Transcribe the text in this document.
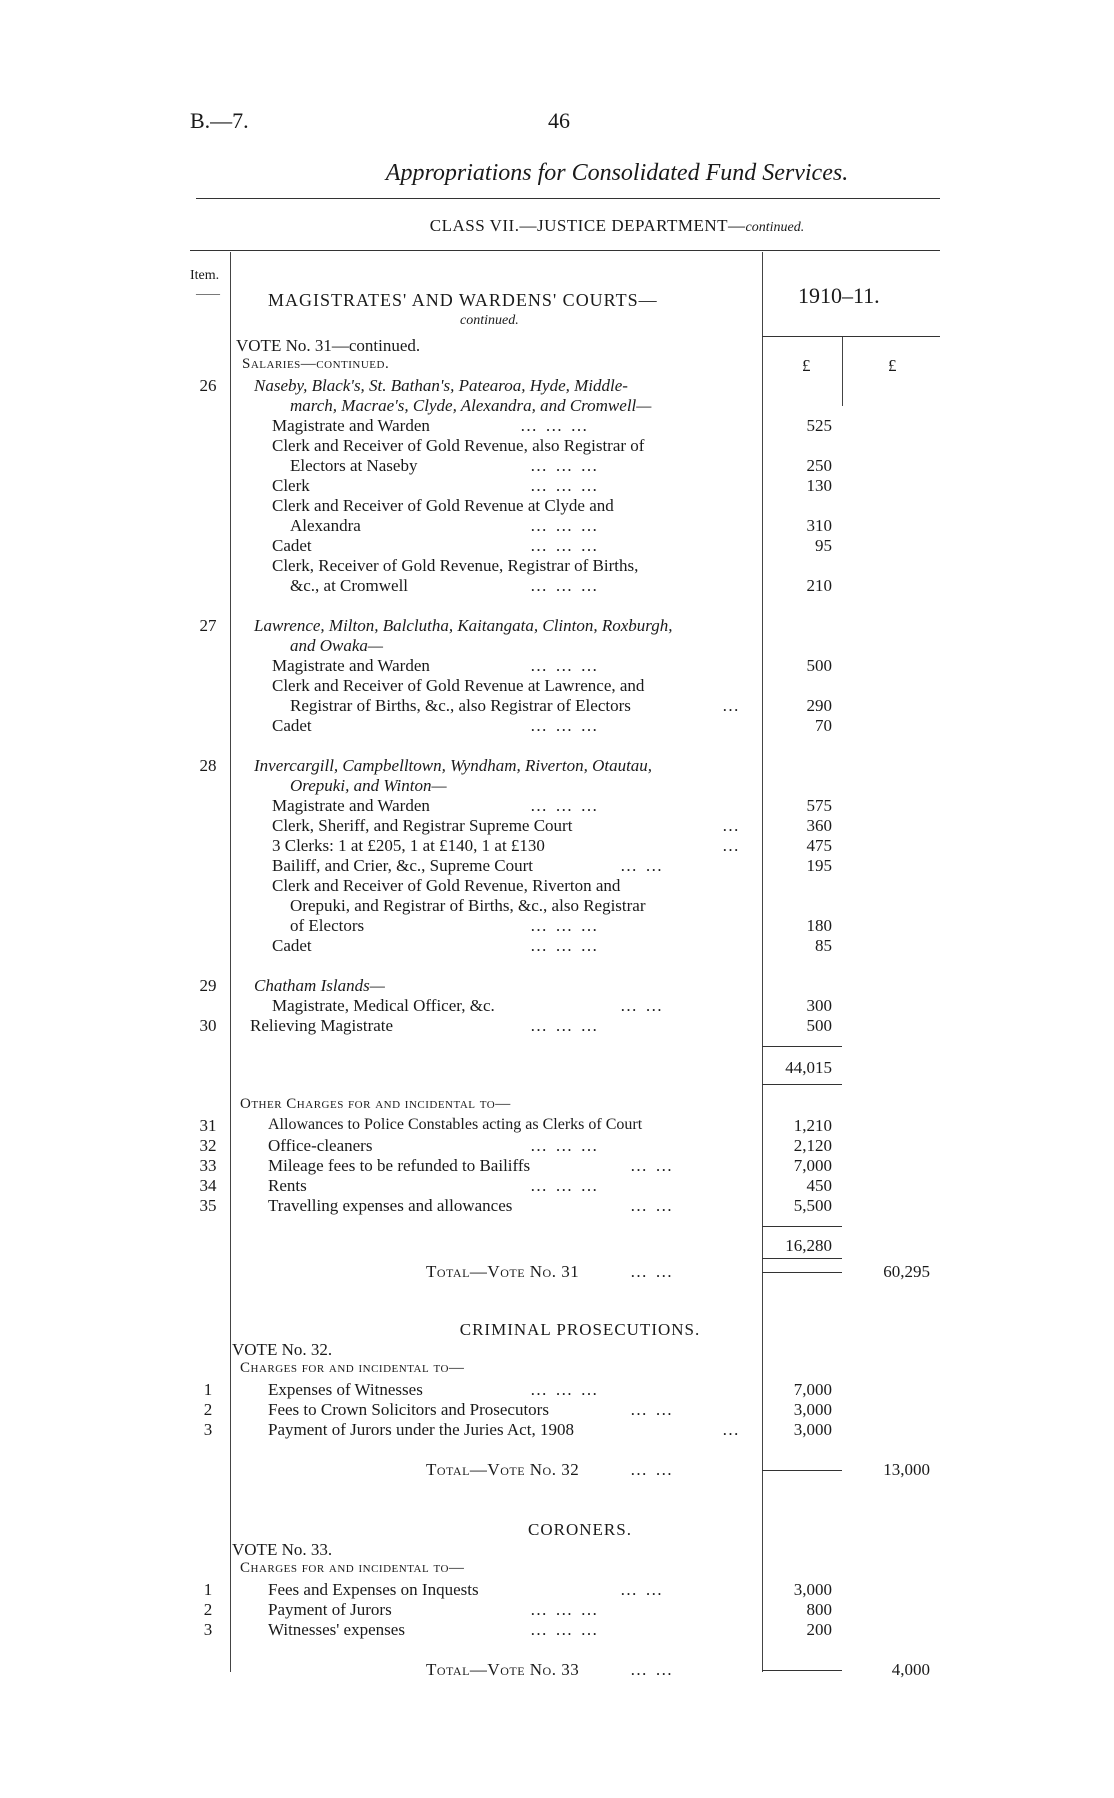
B.—7.	46
Appropriations for Consolidated Fund Services.
CLASS VII.—JUSTICE DEPARTMENT—continued.
Item.
——	MAGISTRATES' AND WARDENS' COURTS—
continued.
1910–11.
VOTE No. 31—continued.
Salaries—continued.	£	£
26 Naseby, Black's, St. Bathan's, Patearoa, Hyde, Middle-
march, Macrae's, Clyde, Alexandra, and Cromwell—
Magistrate and Warden	… … …	525
Clerk and Receiver of Gold Revenue, also Registrar of
Electors at Naseby	… … …	250
Clerk	… … …	130
Clerk and Receiver of Gold Revenue at Clyde and
Alexandra	… … …	310
Cadet	… … …	95
Clerk, Receiver of Gold Revenue, Registrar of Births,
&c., at Cromwell	… … …	210
27 Lawrence, Milton, Balclutha, Kaitangata, Clinton, Roxburgh,
and Owaka—
Magistrate and Warden	… … …	500
Clerk and Receiver of Gold Revenue at Lawrence, and
Registrar of Births, &c., also Registrar of Electors	…	290
Cadet	… … …	70
28 Invercargill, Campbelltown, Wyndham, Riverton, Otautau,
Orepuki, and Winton—
Magistrate and Warden	… … …	575
Clerk, Sheriff, and Registrar Supreme Court	…	360
3 Clerks: 1 at £205, 1 at £140, 1 at £130	…	475
Bailiff, and Crier, &c., Supreme Court	… …	195
Clerk and Receiver of Gold Revenue, Riverton and
Orepuki, and Registrar of Births, &c., also Registrar
of Electors	… … …	180
Cadet	… … …	85
29 Chatham Islands—
Magistrate, Medical Officer, &c.	… …	300
30 Relieving Magistrate	… … …	500
44,015
Other Charges for and incidental to—
31	Allowances to Police Constables acting as Clerks of Court	1,210
32	Office-cleaners	… … …	2,120
33	Mileage fees to be refunded to Bailiffs	… …	7,000
34	Rents	… … …	450
35	Travelling expenses and allowances	… …	5,500
16,280
Total—Vote No. 31	… …	60,295
CRIMINAL PROSECUTIONS.
VOTE No. 32.
Charges for and incidental to—
1	Expenses of Witnesses	… … …	7,000
2	Fees to Crown Solicitors and Prosecutors	… …	3,000
3	Payment of Jurors under the Juries Act, 1908	…	3,000
Total—Vote No. 32	… …	13,000
CORONERS.
VOTE No. 33.
Charges for and incidental to—
1	Fees and Expenses on Inquests	… …	3,000
2	Payment of Jurors	… … …	800
3	Witnesses' expenses	… … …	200
Total—Vote No. 33	… …	4,000
